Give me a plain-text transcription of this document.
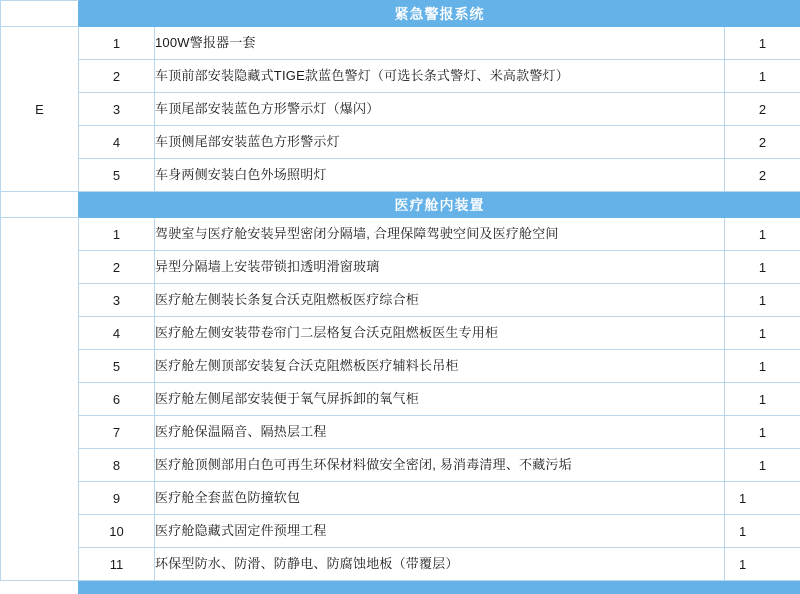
	紧急警报系统		
E	1	100W警报器一套	1
	2	车顶前部安装隐藏式TIGE款蓝色警灯（可选长条式警灯、米高款警灯）	1
	3	车顶尾部安装蓝色方形警示灯（爆闪）	2
	4	车顶侧尾部安装蓝色方形警示灯	2
	5	车身两侧安装白色外场照明灯	2
	医疗舱内装置		
	1	驾驶室与医疗舱安装异型密闭分隔墙, 合理保障驾驶空间及医疗舱空间	1
	2	异型分隔墙上安装带锁扣透明滑窗玻璃	1
	3	医疗舱左侧装长条复合沃克阻燃板医疗综合柜	1
	4	医疗舱左侧安装带卷帘门二层格复合沃克阻燃板医生专用柜	1
	5	医疗舱左侧顶部安装复合沃克阻燃板医疗辅料长吊柜	1
	6	医疗舱左侧尾部安装便于氧气屏拆卸的氧气柜	1
	7	医疗舱保温隔音、隔热层工程	1
	8	医疗舱顶侧部用白色可再生环保材料做安全密闭, 易消毒清理、不藏污垢	1
	9	医疗舱全套蓝色防撞软包	1
	10	医疗舱隐藏式固定件预埋工程	1
	11	环保型防水、防滑、防静电、防腐蚀地板（带覆层）	1
